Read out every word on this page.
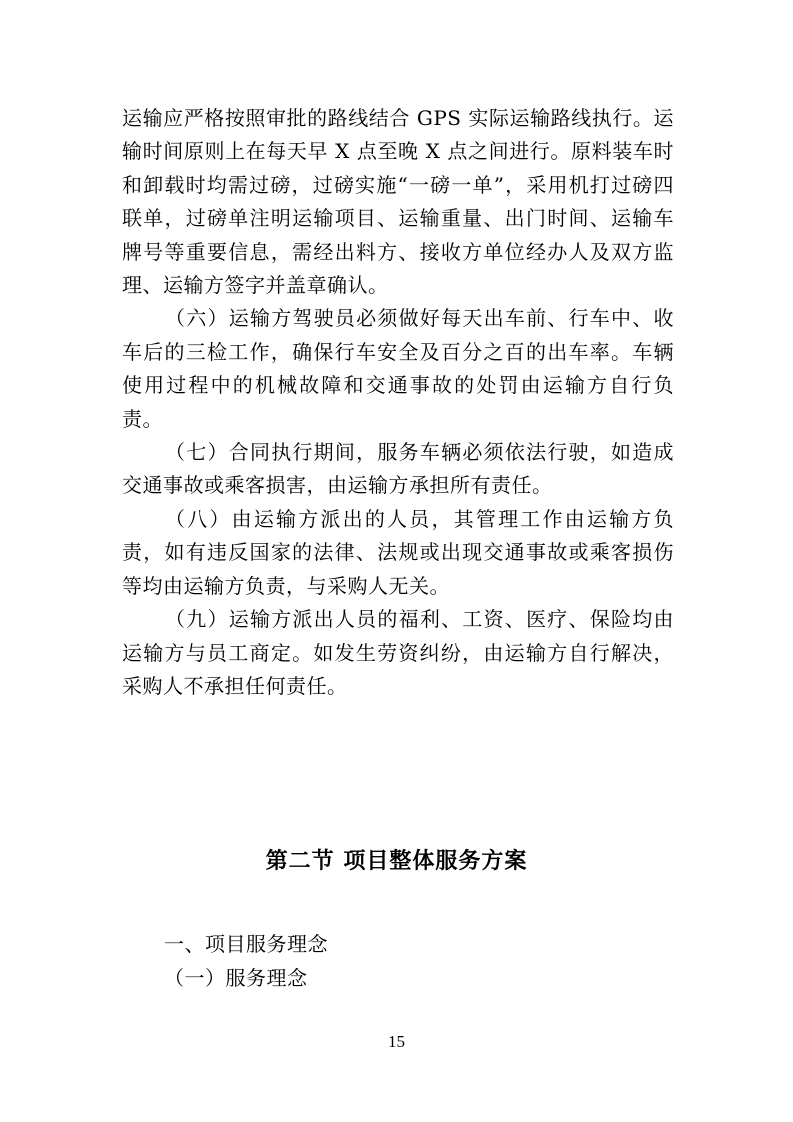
运输应严格按照审批的路线结合 GPS 实际运输路线执行。运输时间原则上在每天早 X 点至晚 X 点之间进行。原料装车时和卸载时均需过磅，过磅实施“一磅一单”，采用机打过磅四联单，过磅单注明运输项目、运输重量、出门时间、运输车牌号等重要信息，需经出料方、接收方单位经办人及双方监理、运输方签字并盖章确认。

（六）运输方驾驶员必须做好每天出车前、行车中、收车后的三检工作，确保行车安全及百分之百的出车率。车辆使用过程中的机械故障和交通事故的处罚由运输方自行负责。

（七）合同执行期间，服务车辆必须依法行驶，如造成交通事故或乘客损害，由运输方承担所有责任。

（八）由运输方派出的人员，其管理工作由运输方负责，如有违反国家的法律、法规或出现交通事故或乘客损伤等均由运输方负责，与采购人无关。

（九）运输方派出人员的福利、工资、医疗、保险均由运输方与员工商定。如发生劳资纠纷，由运输方自行解决，采购人不承担任何责任。

第二节 项目整体服务方案
一、项目服务理念
（一）服务理念
15
